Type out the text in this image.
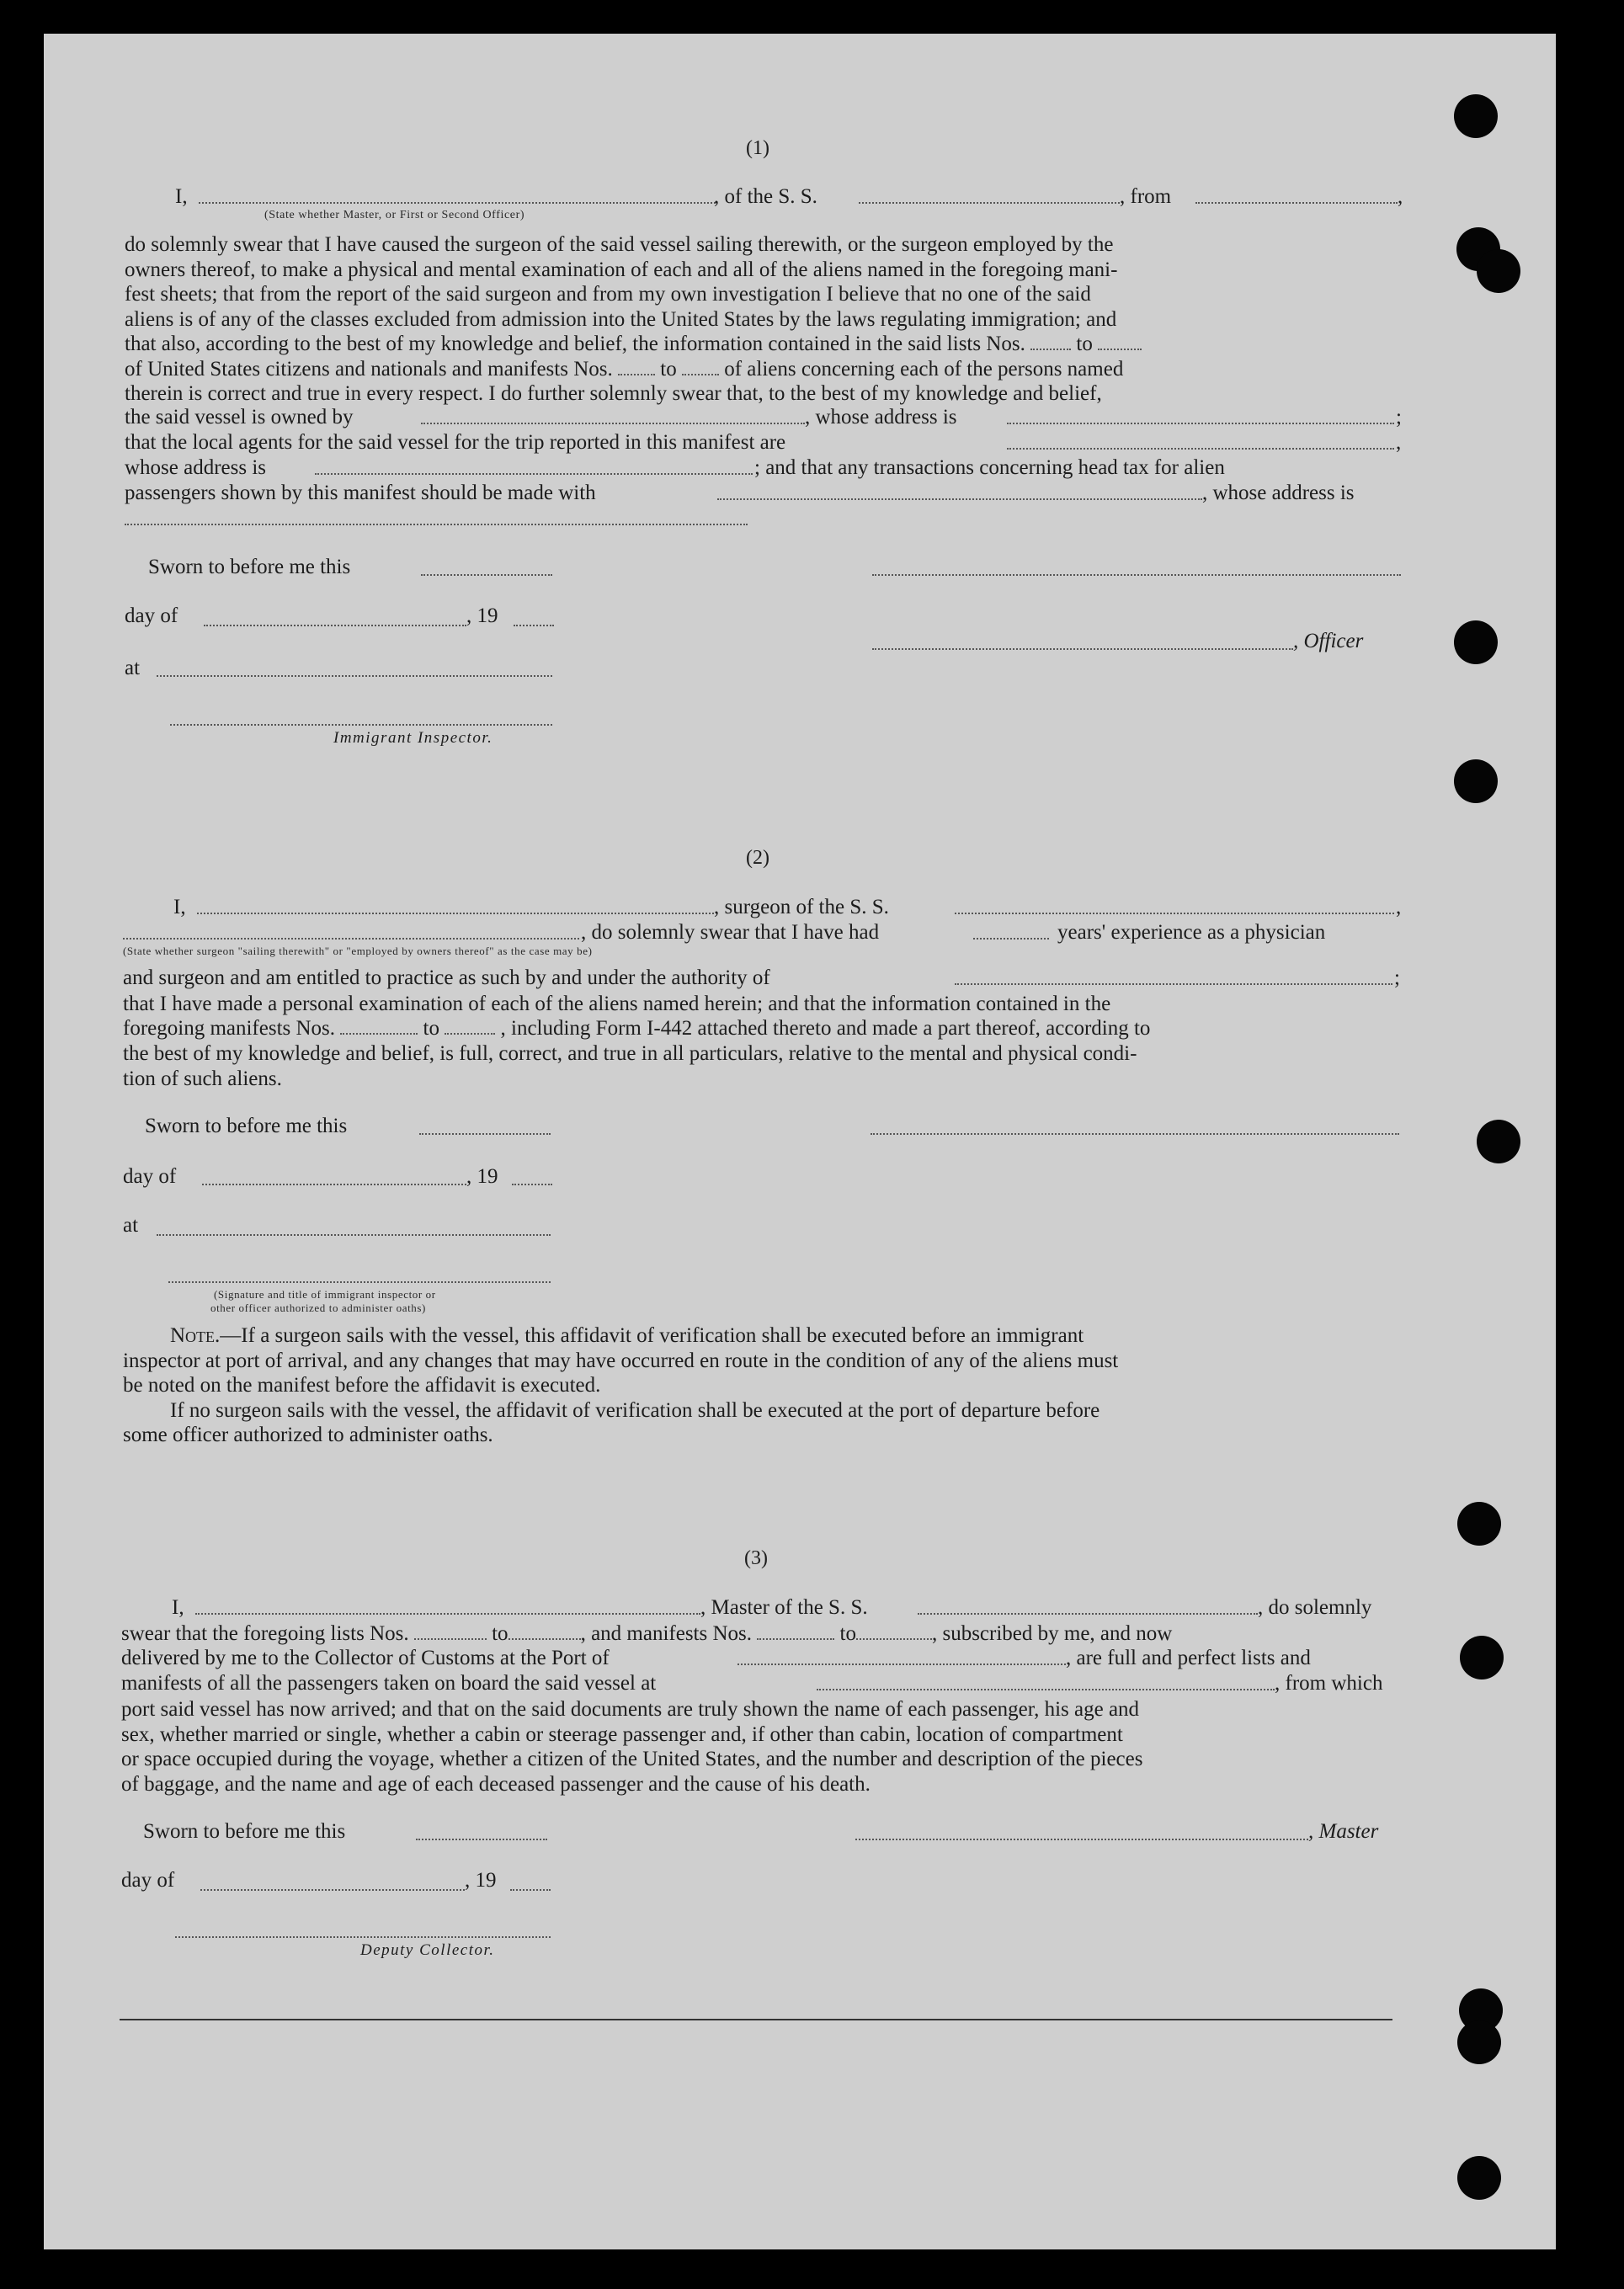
(1)
I,	, of the S. S.	, from	,
(State whether Master, or First or Second Officer)

do solemnly swear that I have caused the surgeon of the said vessel sailing therewith, or the surgeon employed by the

owners thereof, to make a physical and mental examination of each and all of the aliens named in the foregoing mani-

fest sheets; that from the report of the said surgeon and from my own investigation I believe that no one of the said

aliens is of any of the classes excluded from admission into the United States by the laws regulating immigration; and

that also, according to the best of my knowledge and belief, the information contained in the said lists Nos. to
of United States citizens and nationals and manifests Nos. to of aliens concerning each of the persons named

therein is correct and true in every respect. I do further solemnly swear that, to the best of my knowledge and belief,

the said vessel is owned by	, whose address is	;
that the local agents for the said vessel for the trip reported in this manifest are	,
whose address is	; and that any transactions concerning head tax for alien
passengers shown by this manifest should be made with	, whose address is
Sworn to before me this
day of	, 19
, Officer
at
Immigrant Inspector.
(2)
I,	, surgeon of the S. S.	,
, do solemnly swear that I have had	years' experience as a physician
(State whether surgeon "sailing therewith" or "employed by owners thereof" as the case may be)
and surgeon and am entitled to practice as such by and under the authority of	;

that I have made a personal examination of each of the aliens named herein; and that the information contained in the

foregoing manifests Nos.	to	, including Form I-442 attached thereto and made a part thereof, according to

the best of my knowledge and belief, is full, correct, and true in all particulars, relative to the mental and physical condi-

tion of such aliens.

Sworn to before me this
day of	, 19
at
(Signature and title of immigrant inspector or
other officer authorized to administer oaths)
Note.—If a surgeon sails with the vessel, this affidavit of verification shall be executed before an immigrant
inspector at port of arrival, and any changes that may have occurred en route in the condition of any of the aliens must
be noted on the manifest before the affidavit is executed.
If no surgeon sails with the vessel, the affidavit of verification shall be executed at the port of departure before
some officer authorized to administer oaths.
(3)
I,	, Master of the S. S.	, do solemnly
swear that the foregoing lists Nos.	to	, and manifests Nos.	to	, subscribed by me, and now
delivered by me to the Collector of Customs at the Port of	, are full and perfect lists and
manifests of all the passengers taken on board the said vessel at	, from which

port said vessel has now arrived; and that on the said documents are truly shown the name of each passenger, his age and

sex, whether married or single, whether a cabin or steerage passenger and, if other than cabin, location of compartment

or space occupied during the voyage, whether a citizen of the United States, and the number and description of the pieces

of baggage, and the name and age of each deceased passenger and the cause of his death.

Sworn to before me this	, Master
day of	, 19
Deputy Collector.
